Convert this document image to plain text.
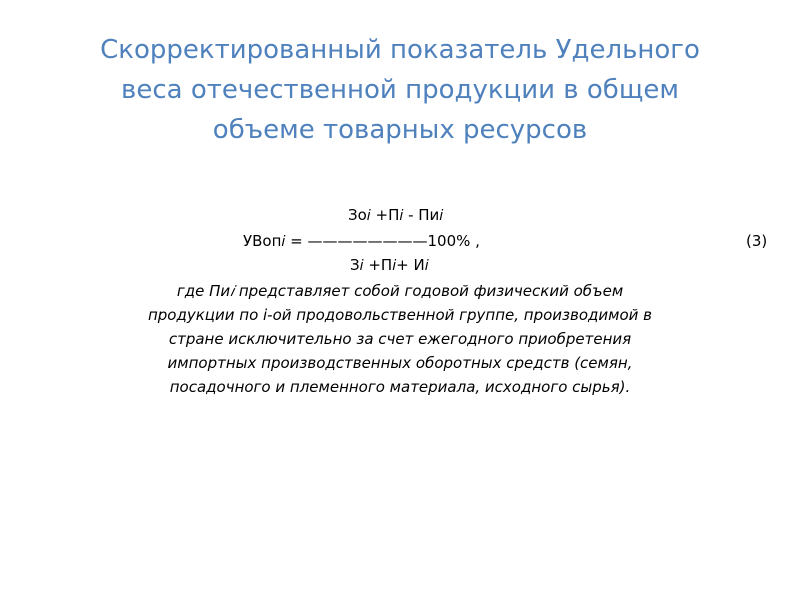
Скорректированный показатель Удельного
веса отечественной продукции в общем
объеме товарных ресурсов
Зо𝑖 +П𝑖 - Пи𝑖
УВоп𝑖 = ————————100% ,
З𝑖 +П𝑖+ И𝑖
(3)
где Пи𝑖 представляет собой годовой физический объем
продукции по i-ой продовольственной группе, производимой в
стране исключительно за счет ежегодного приобретения
импортных производственных оборотных средств (семян,
посадочного и племенного материала, исходного сырья).
